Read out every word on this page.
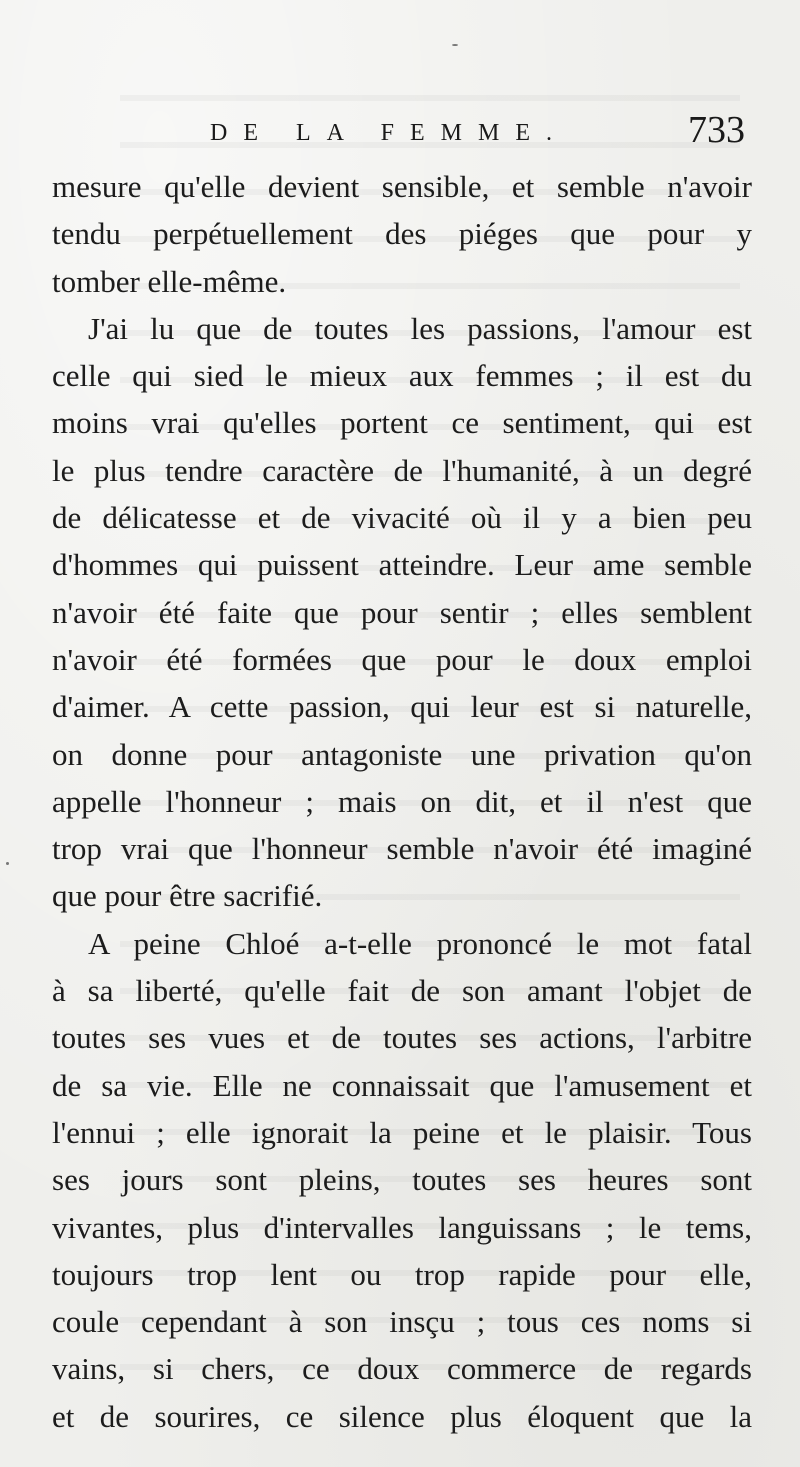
DE LA FEMME.	733
mesure qu'elle devient sensible, et semble n'avoir
tendu perpétuellement des piéges que pour y
tomber elle-même.
J'ai lu que de toutes les passions, l'amour est
celle qui sied le mieux aux femmes ; il est du
moins vrai qu'elles portent ce sentiment, qui est
le plus tendre caractère de l'humanité, à un degré
de délicatesse et de vivacité où il y a bien peu
d'hommes qui puissent atteindre. Leur ame semble
n'avoir été faite que pour sentir ; elles semblent
n'avoir été formées que pour le doux emploi
d'aimer. A cette passion, qui leur est si naturelle,
on donne pour antagoniste une privation qu'on
appelle l'honneur ; mais on dit, et il n'est que
trop vrai que l'honneur semble n'avoir été imaginé
que pour être sacrifié.
A peine Chloé a-t-elle prononcé le mot fatal
à sa liberté, qu'elle fait de son amant l'objet de
toutes ses vues et de toutes ses actions, l'arbitre
de sa vie. Elle ne connaissait que l'amusement et
l'ennui ; elle ignorait la peine et le plaisir. Tous
ses jours sont pleins, toutes ses heures sont
vivantes, plus d'intervalles languissans ; le tems,
toujours trop lent ou trop rapide pour elle,
coule cependant à son insçu ; tous ces noms si
vains, si chers, ce doux commerce de regards
et de sourires, ce silence plus éloquent que la
